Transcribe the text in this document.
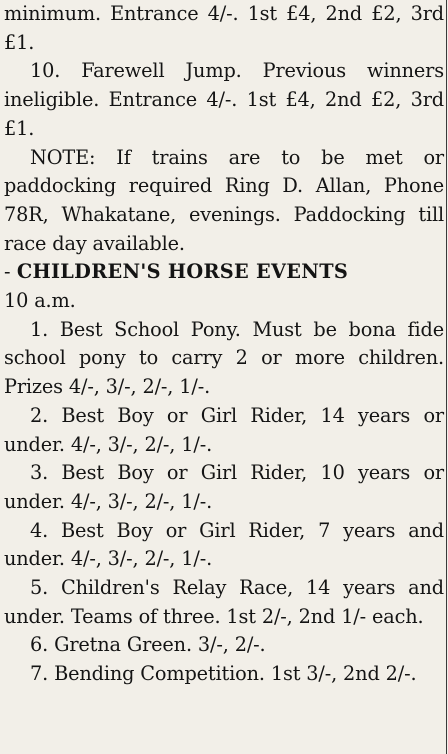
minimum. Entrance 4/-. 1st £4, 2nd £2, 3rd £1.

10. Farewell Jump. Previous winners ineligible. Entrance 4/-. 1st £4, 2nd £2, 3rd £1.

NOTE: If trains are to be met or paddocking required Ring D. Allan, Phone 78R, Whakatane, evenings. Paddocking till race day available.

- CHILDREN'S HORSE EVENTS

10 a.m.

1. Best School Pony. Must be bona fide school pony to carry 2 or more children. Prizes 4/-, 3/-, 2/-, 1/-.

2. Best Boy or Girl Rider, 14 years or under. 4/-, 3/-, 2/-, 1/-.

3. Best Boy or Girl Rider, 10 years or under. 4/-, 3/-, 2/-, 1/-.

4. Best Boy or Girl Rider, 7 years and under. 4/-, 3/-, 2/-, 1/-.

5. Children's Relay Race, 14 years and under. Teams of three. 1st 2/-, 2nd 1/- each.

6. Gretna Green. 3/-, 2/-.

7. Bending Competition. 1st 3/-, 2nd 2/-.
